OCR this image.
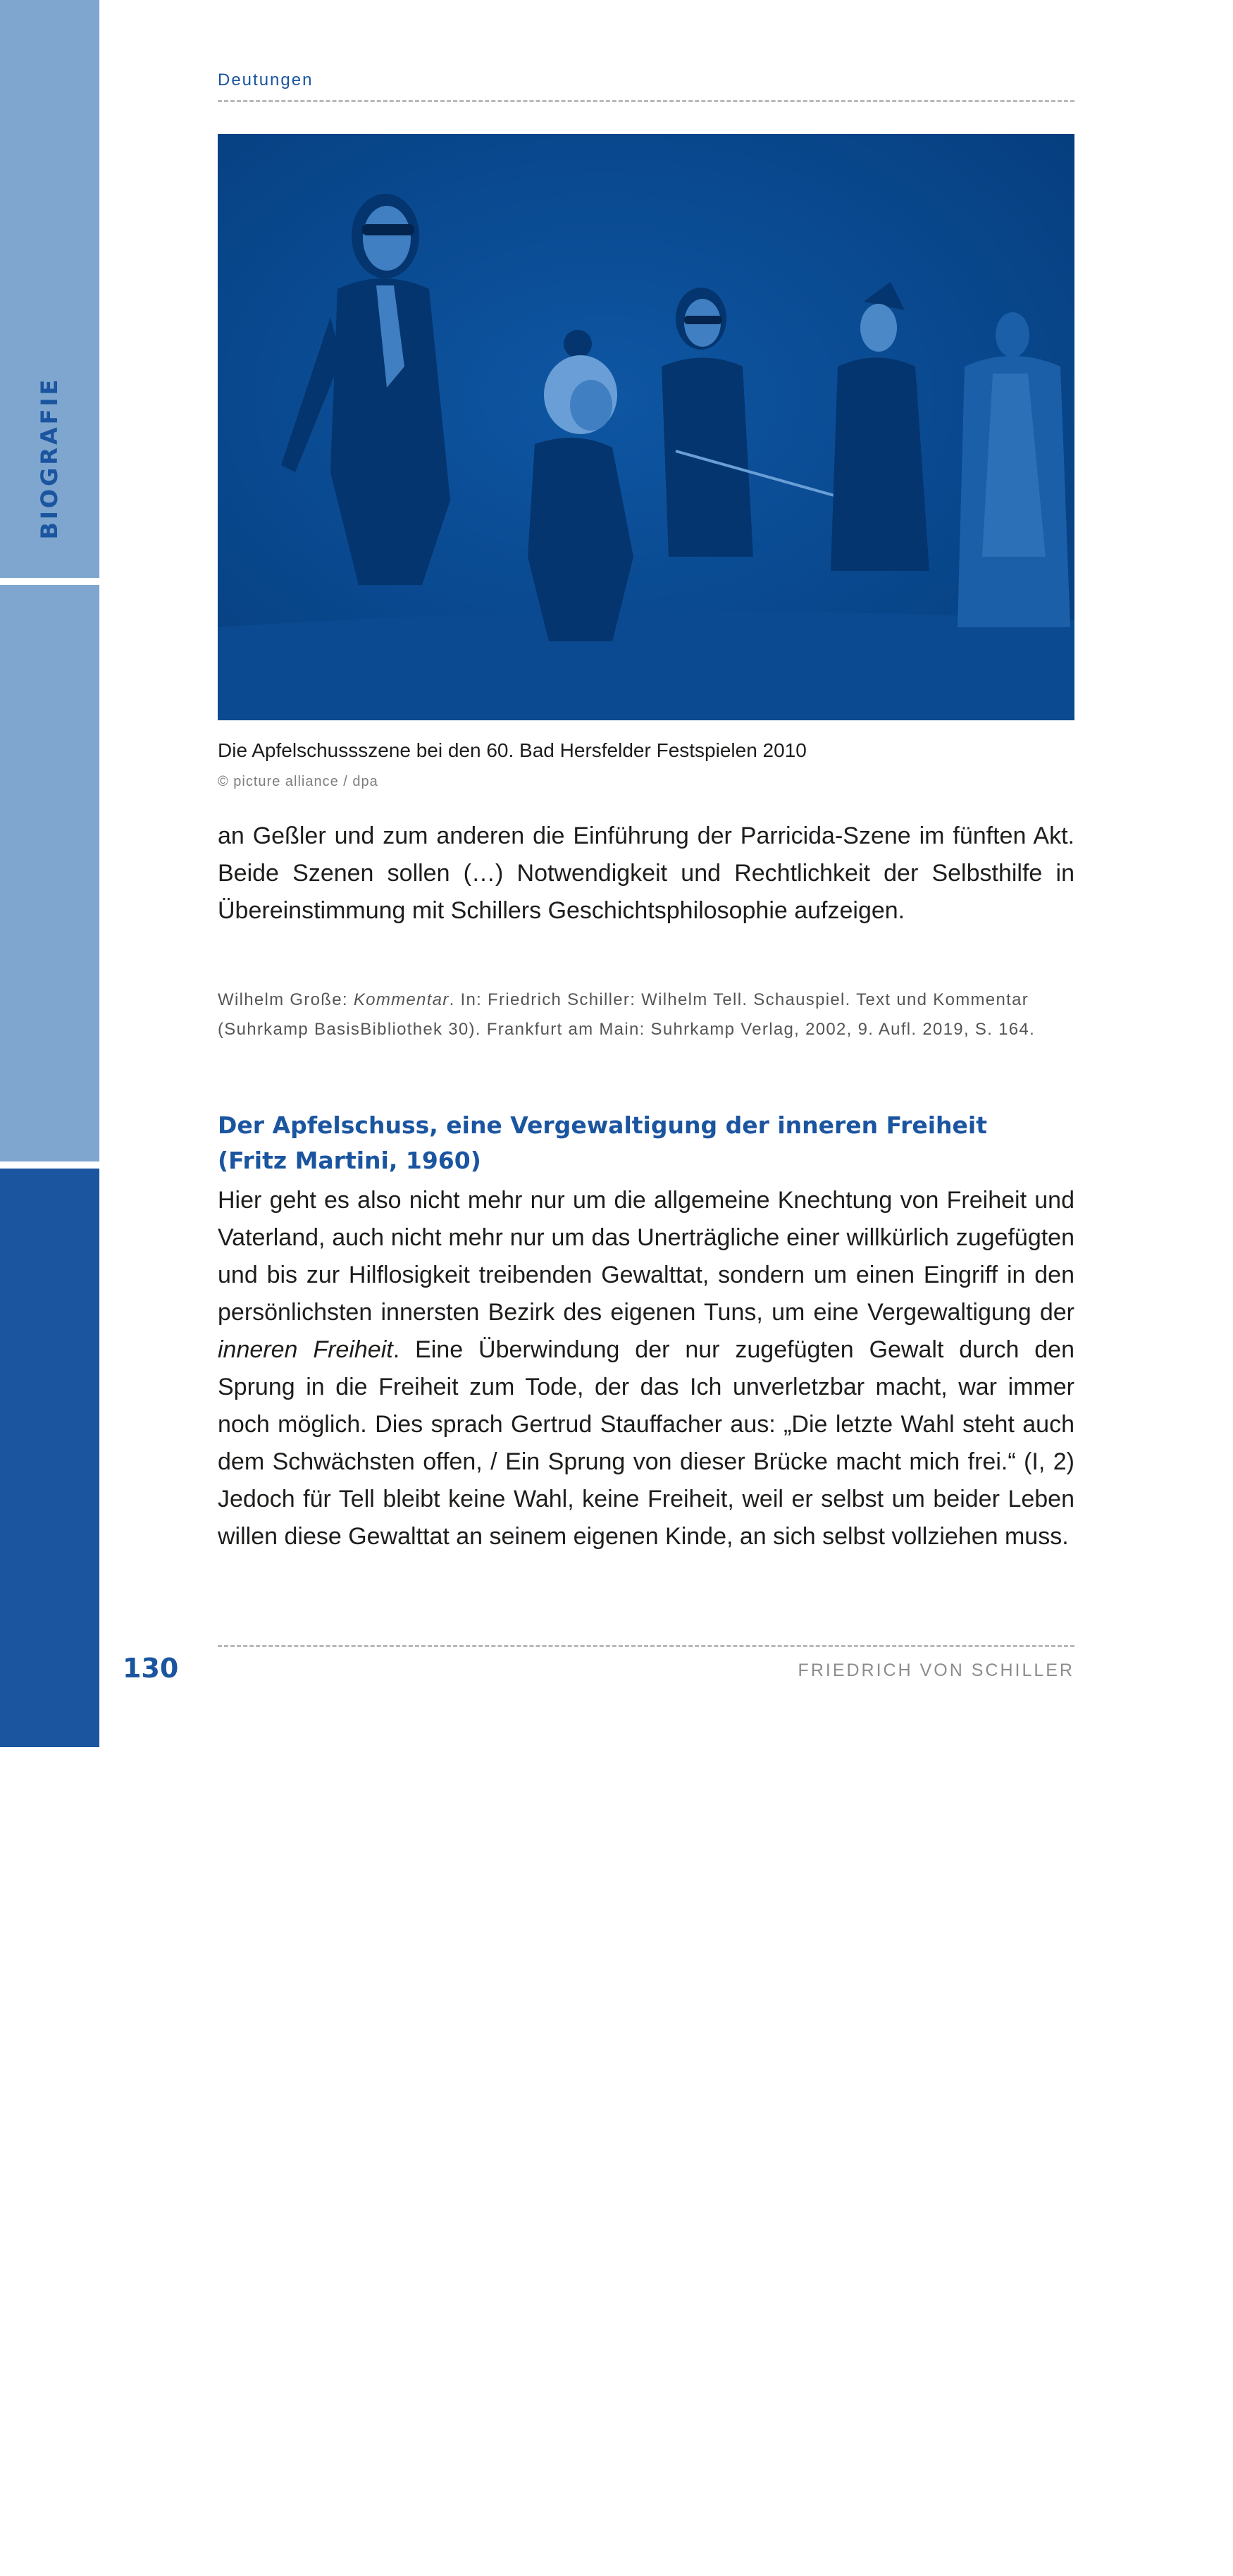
BIOGRAFIE
MATERIALIEN
Deutungen
Die Apfelschussszene bei den 60. Bad Hersfelder Festspielen 2010
© picture alliance / dpa

an Geßler und zum anderen die Einführung der Parricida-Szene im fünften Akt. Beide Szenen sollen (…) Notwendigkeit und Rechtlichkeit der Selbsthilfe in Übereinstimmung mit Schillers Geschichtsphilosophie aufzeigen.

Wilhelm Große: Kommentar. In: Friedrich Schiller: Wilhelm Tell. Schauspiel. Text und Kommentar (Suhrkamp BasisBibliothek 30). Frankfurt am Main: Suhrkamp Verlag, 2002, 9. Aufl. 2019, S. 164.

Der Apfelschuss, eine Vergewaltigung der inneren Freiheit
(Fritz Martini, 1960)

Hier geht es also nicht mehr nur um die allgemeine Knechtung von Freiheit und Vaterland, auch nicht mehr nur um das Unerträgliche einer willkürlich zugefügten und bis zur Hilflosigkeit treibenden Gewalttat, sondern um einen Eingriff in den persönlichsten innersten Bezirk des eigenen Tuns, um eine Vergewaltigung der inneren Freiheit. Eine Überwindung der nur zugefügten Gewalt durch den Sprung in die Freiheit zum Tode, der das Ich unverletzbar macht, war immer noch möglich. Dies sprach Gertrud Stauffacher aus: „Die letzte Wahl steht auch dem Schwächsten offen, / Ein Sprung von dieser Brücke macht mich frei.“ (I, 2) Jedoch für Tell bleibt keine Wahl, keine Freiheit, weil er selbst um beider Leben willen diese Gewalttat an seinem eigenen Kinde, an sich selbst vollziehen muss.

130	FRIEDRICH VON SCHILLER
